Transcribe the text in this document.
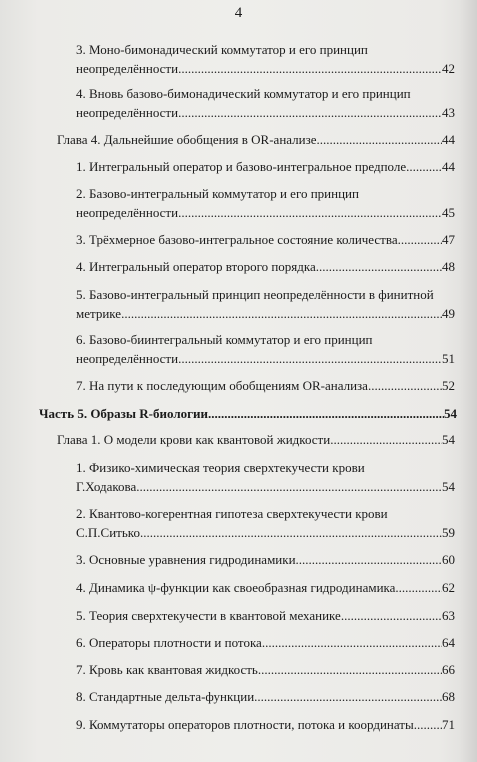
4
3. Моно-бимонадический коммутатор и его принцип
неопределённости .....	42
4. Вновь базово-бимонадический коммутатор и его принцип
неопределённости .....	43
Глава 4. Дальнейшие обобщения в OR-анализе .....	44
1. Интегральный оператор и базово-интегральное предполе .....	44
2. Базово-интегральный коммутатор и его принцип
неопределённости .....	45
3. Трёхмерное базово-интегральное состояние количества .....	47
4. Интегральный оператор второго порядка .....	48
5. Базово-интегральный принцип неопределённости в финитной
метрике .....	49
6. Базово-биинтегральный коммутатор и его принцип
неопределённости .....	51
7. На пути к последующим обобщениям OR-анализа .....	52
Часть 5. Образы R-биологии .....	54
Глава 1. О модели крови как квантовой жидкости .....	54
1. Физико-химическая теория сверхтекучести крови
Г.Ходакова .....	54
2. Квантово-когерентная гипотеза сверхтекучести крови
С.П.Ситько .....	59
3. Основные уравнения гидродинамики .....	60
4. Динамика ψ-функции как своеобразная гидродинамика .....	62
5. Теория сверхтекучести в квантовой механике .....	63
6. Операторы плотности и потока .....	64
7. Кровь как квантовая жидкость .....	66
8. Стандартные дельта-функции .....	68
9. Коммутаторы операторов плотности, потока и координаты ..... 71
